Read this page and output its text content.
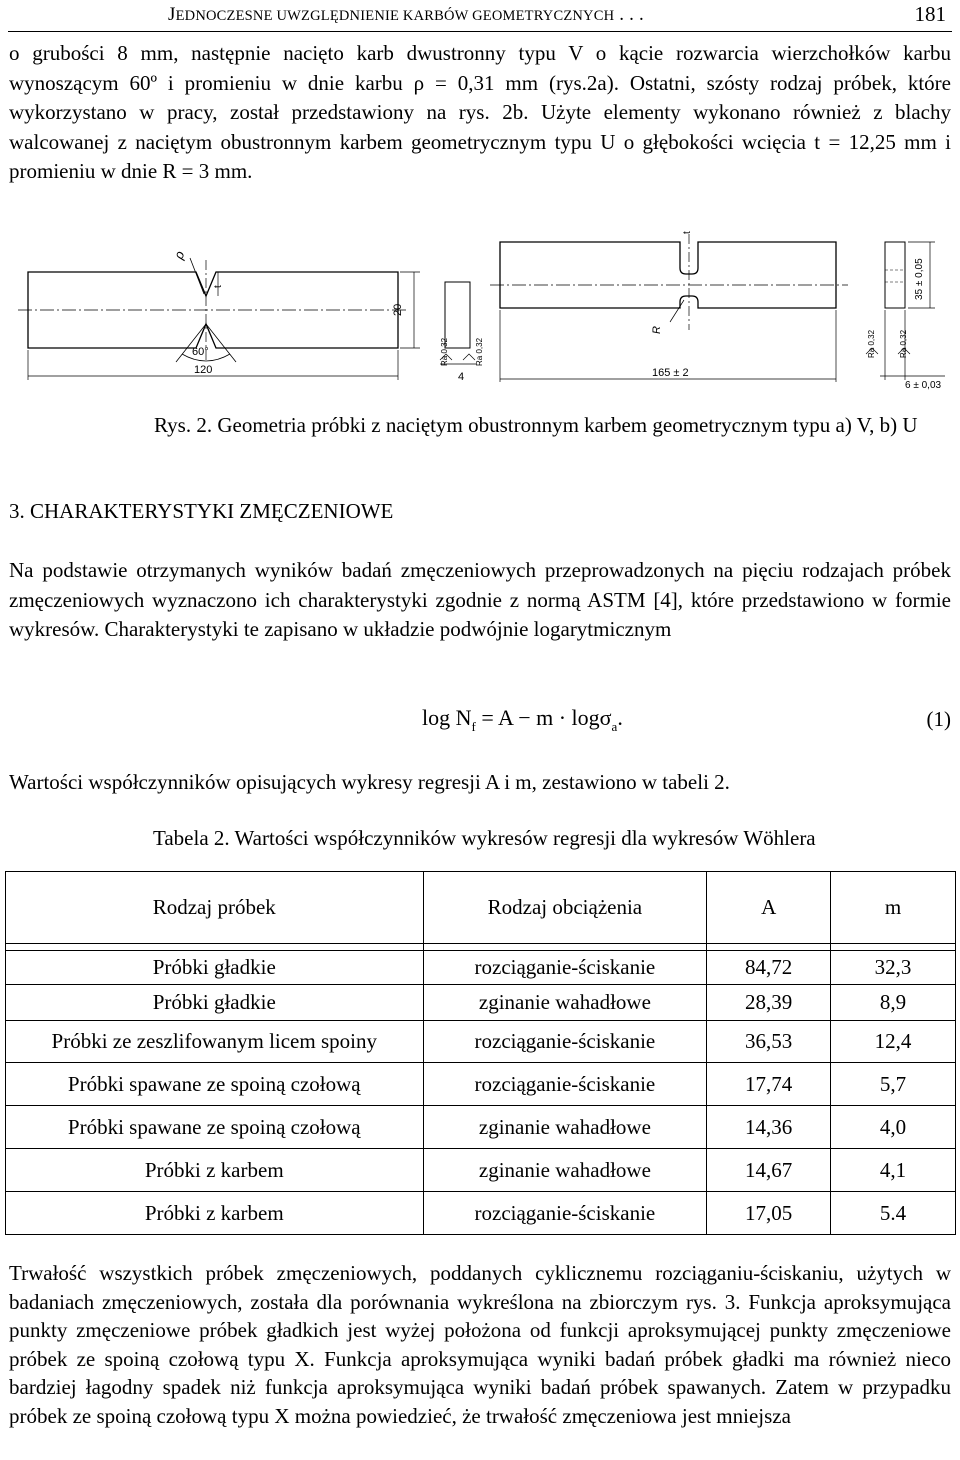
JEDNOCZESNE UWZGLĘDNIENIE KARBÓW GEOMETRYCZNYCH . . .	181
o grubości 8 mm, następnie nacięto karb dwustronny typu V o kącie rozwarcia wierzchołków karbu wynoszącym 60º i promieniu w dnie karbu ρ = 0,31 mm (rys.2a). Ostatni, szósty rodzaj próbek, które wykorzystano w pracy, został przedstawiony na rys. 2b. Użyte elementy wykonano również z blachy walcowanej z naciętym obustronnym karbem geometrycznym typu U o głębokości wcięcia t = 12,25 mm i promieniu w dnie R = 3 mm.
ρ
t
60°
120
20
4
Ra 0,32	Ra 0,32
t
R
165 ± 2
35 ± 0,05
6 ± 0,03
Ra 0,32	Ra 0,32
Rys. 2. Geometria próbki z naciętym obustronnym karbem geometrycznym typu a) V, b) U
3. CHARAKTERYSTYKI ZMĘCZENIOWE
Na podstawie otrzymanych wyników badań zmęczeniowych przeprowadzonych na pięciu rodzajach próbek zmęczeniowych wyznaczono ich charakterystyki zgodnie z normą ASTM [4], które przedstawiono w formie wykresów. Charakterystyki te zapisano w układzie podwójnie logarytmicznym
$\log N_f = A - m \cdot \log\sigma_a$.	(1)
Wartości współczynników opisujących wykresy regresji A i m, zestawiono w tabeli 2.
Tabela 2. Wartości współczynników wykresów regresji dla wykresów Wöhlera
Rodzaj próbek	Rodzaj obciążenia	A	m

Próbki gładkie	rozciąganie-ściskanie	84,72	32,3
Próbki gładkie	zginanie wahadłowe	28,39	8,9
Próbki ze zeszlifowanym licem spoiny	rozciąganie-ściskanie	36,53	12,4
Próbki spawane ze spoiną czołową	rozciąganie-ściskanie	17,74	5,7
Próbki spawane ze spoiną czołową	zginanie wahadłowe	14,36	4,0
Próbki z karbem	zginanie wahadłowe	14,67	4,1
Próbki z karbem	rozciąganie-ściskanie	17,05	5.4
Trwałość wszystkich próbek zmęczeniowych, poddanych cyklicznemu rozciąganiu-ściskaniu, użytych w badaniach zmęczeniowych, została dla porównania wykreślona na zbiorczym rys. 3. Funkcja aproksymująca punkty zmęczeniowe próbek gładkich jest wyżej położona od funkcji aproksymującej punkty zmęczeniowe próbek ze spoiną czołową typu X. Funkcja aproksymująca wyniki badań próbek gładki ma również nieco bardziej łagodny spadek niż funkcja aproksymująca wyniki badań próbek spawanych. Zatem w przypadku próbek ze spoiną czołową typu X można powiedzieć, że trwałość zmęczeniowa jest mniejsza
